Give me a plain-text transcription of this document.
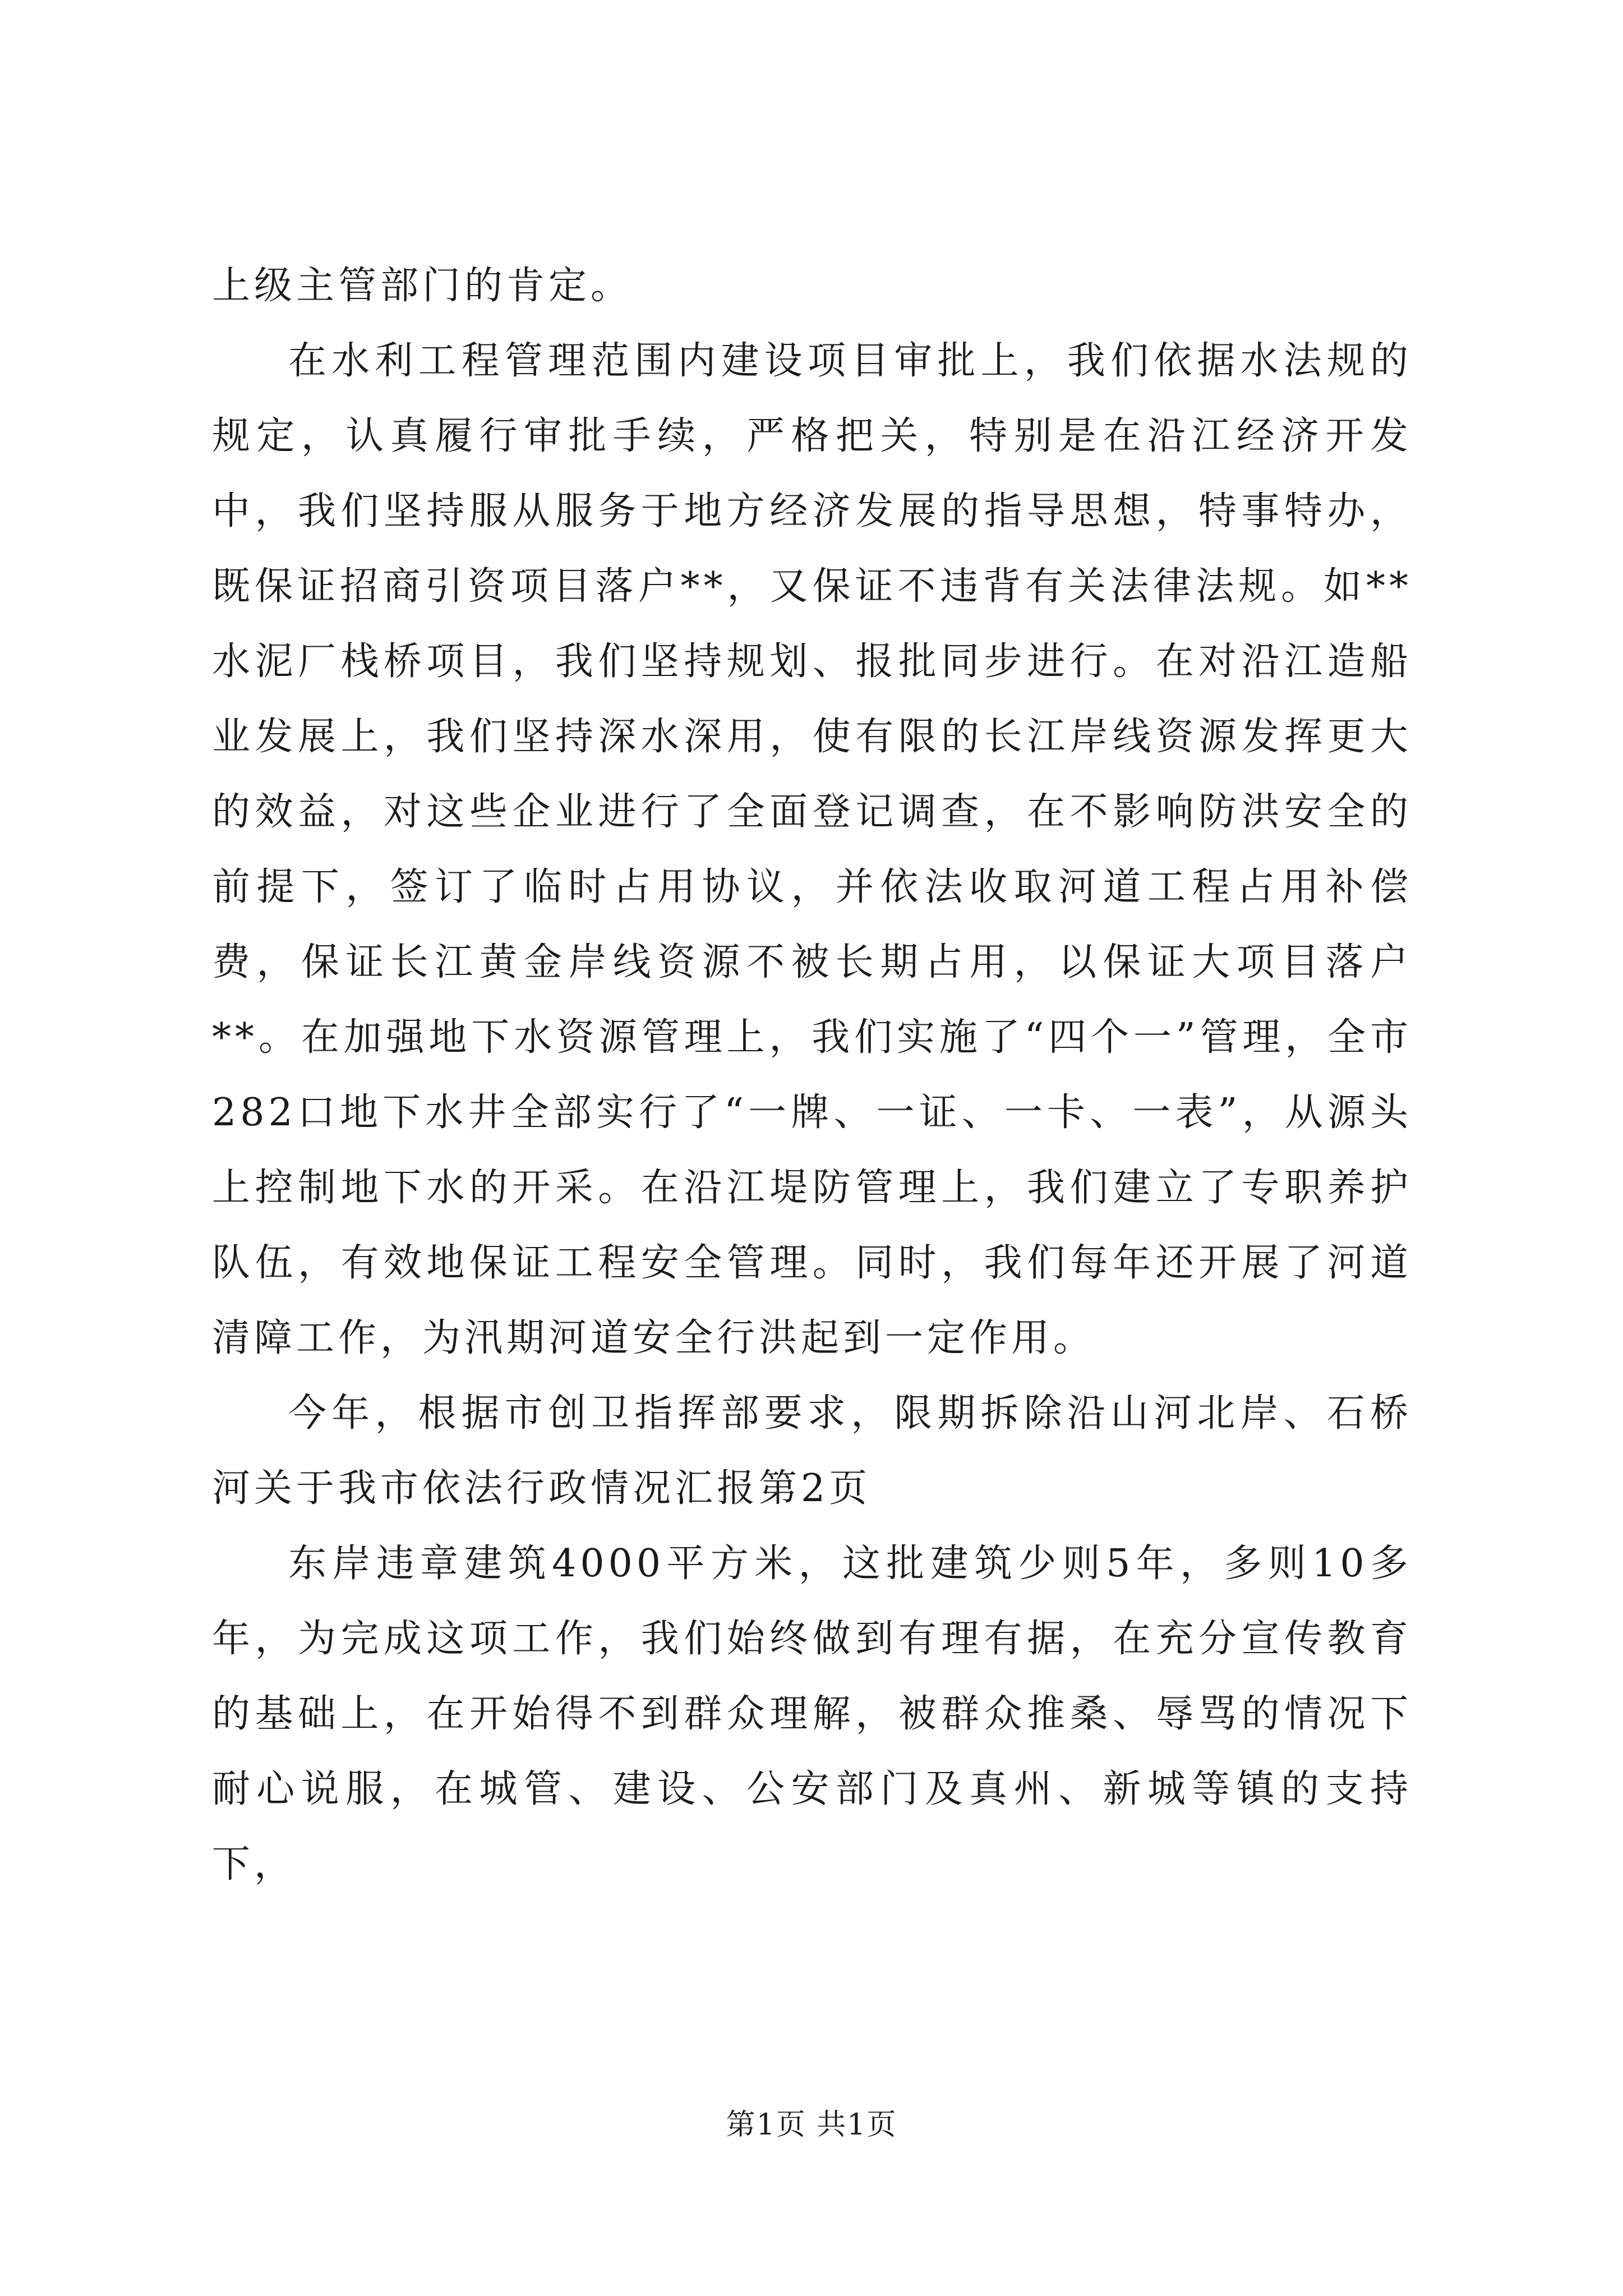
上级主管部门的肯定。

在水利工程管理范围内建设项目审批上，我们依据水法规的规定，认真履行审批手续，严格把关，特别是在沿江经济开发中，我们坚持服从服务于地方经济发展的指导思想，特事特办，既保证招商引资项目落户**，又保证不违背有关法律法规。如**水泥厂栈桥项目，我们坚持规划、报批同步进行。在对沿江造船业发展上，我们坚持深水深用，使有限的长江岸线资源发挥更大的效益，对这些企业进行了全面登记调查，在不影响防洪安全的前提下，签订了临时占用协议，并依法收取河道工程占用补偿费，保证长江黄金岸线资源不被长期占用，以保证大项目落户**。在加强地下水资源管理上，我们实施了“四个一”管理，全市282口地下水井全部实行了“一牌、一证、一卡、一表”，从源头上控制地下水的开采。在沿江堤防管理上，我们建立了专职养护队伍，有效地保证工程安全管理。同时，我们每年还开展了河道清障工作，为汛期河道安全行洪起到一定作用。

今年，根据市创卫指挥部要求，限期拆除沿山河北岸、石桥河关于我市依法行政情况汇报第2页

东岸违章建筑4000平方米，这批建筑少则5年，多则10多年，为完成这项工作，我们始终做到有理有据，在充分宣传教育的基础上，在开始得不到群众理解，被群众推桑、辱骂的情况下耐心说服，在城管、建设、公安部门及真州、新城等镇的支持下，

第1页 共1页
